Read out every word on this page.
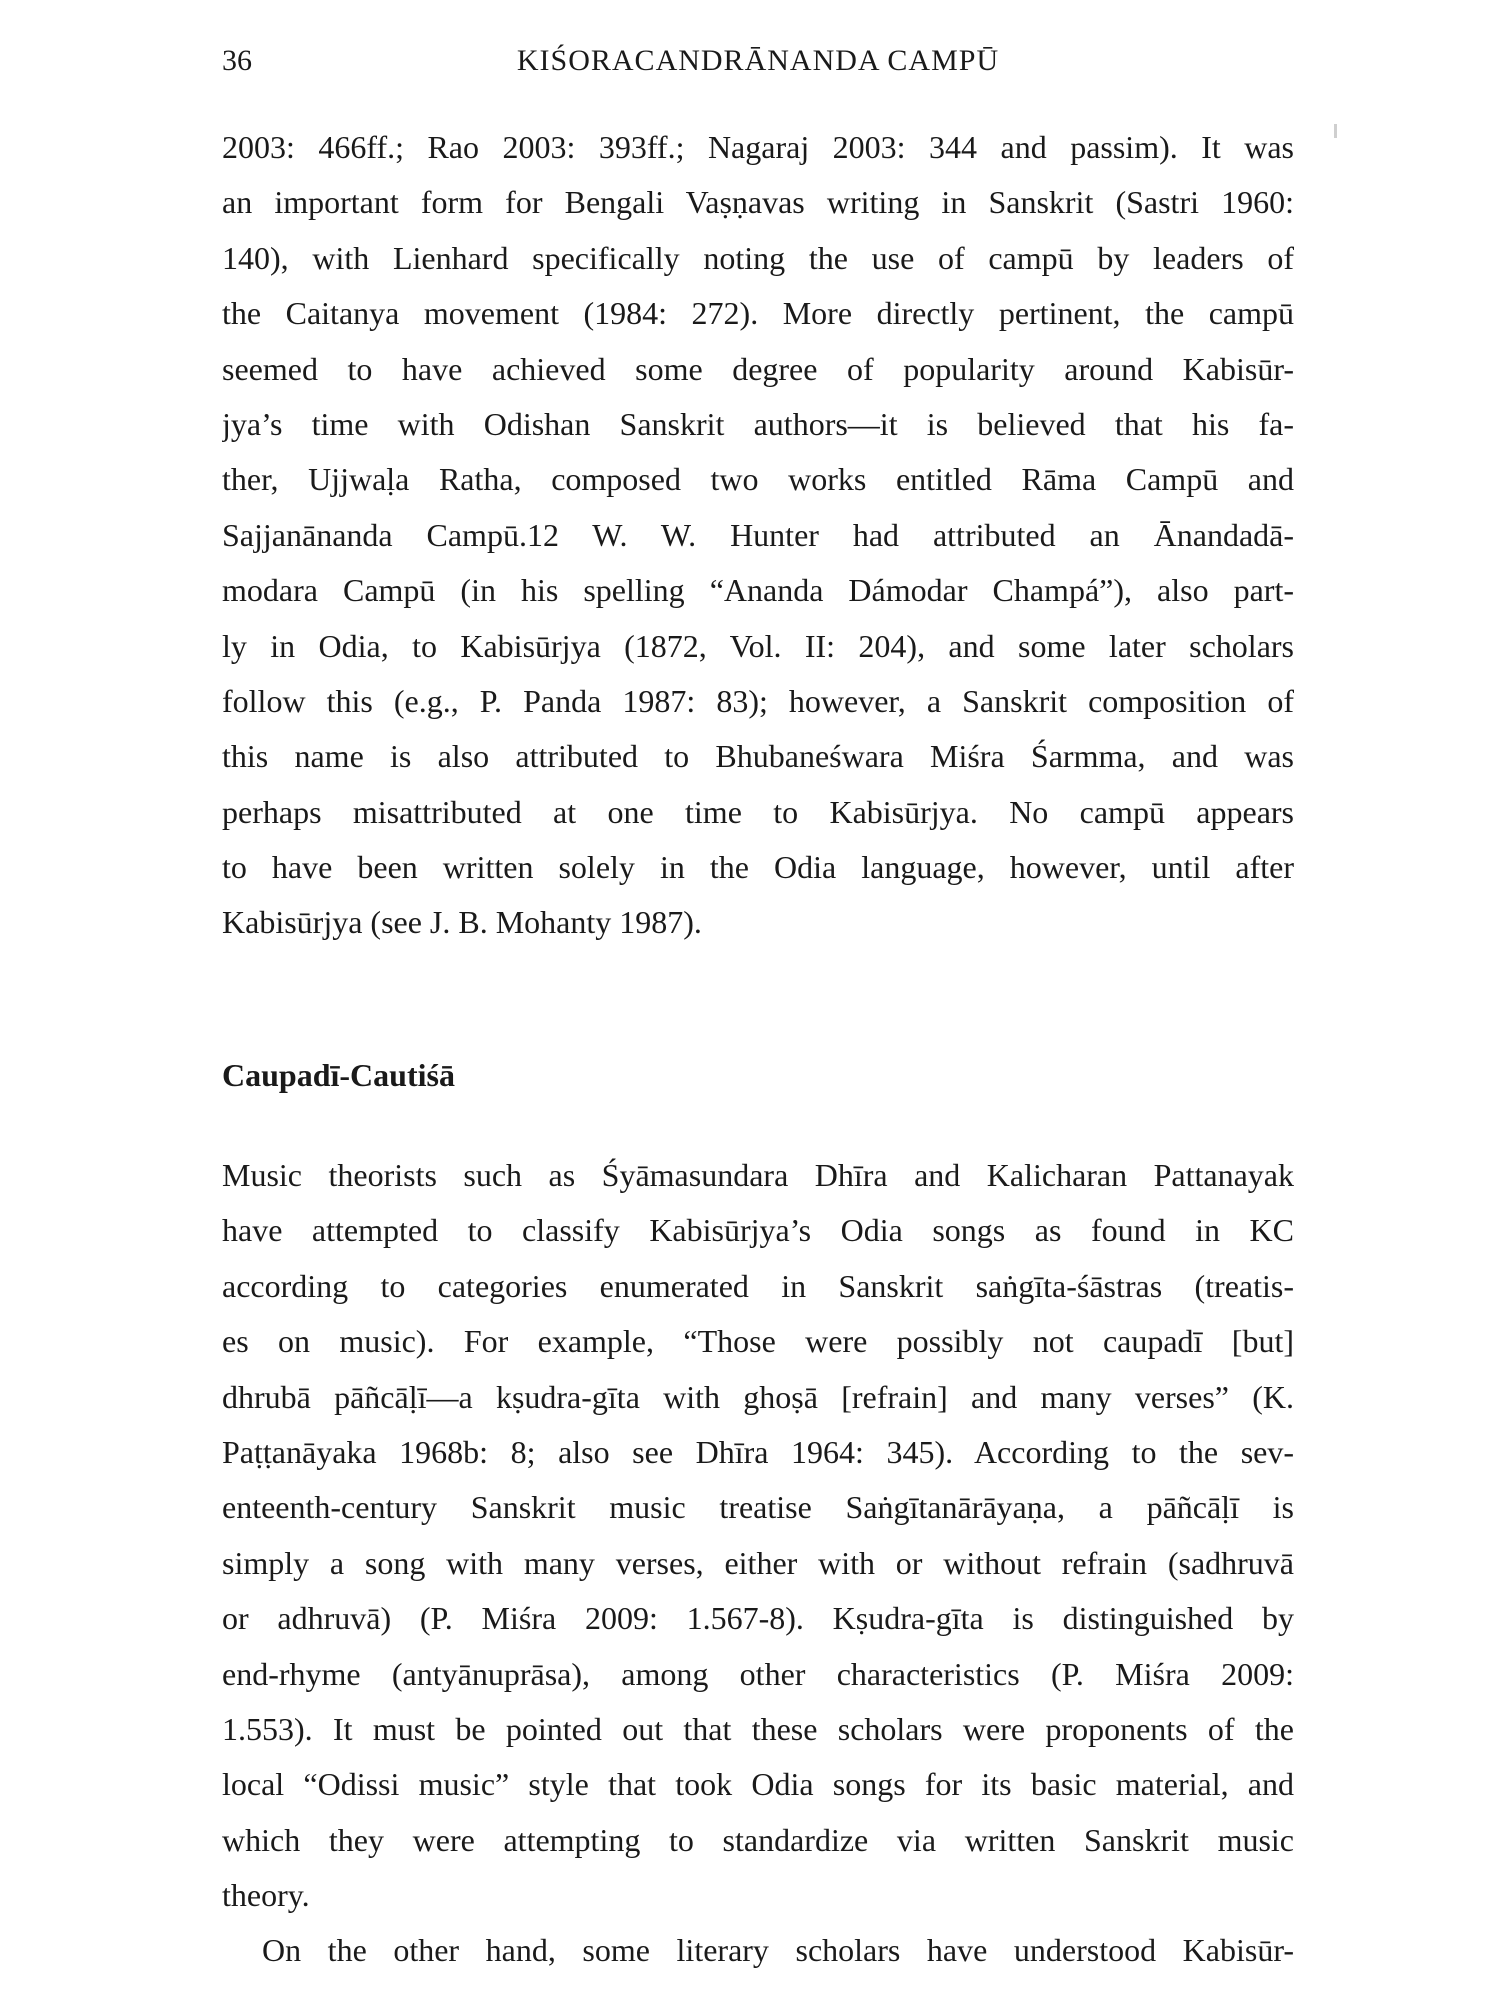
36	KIŚORACANDRĀNANDA CAMPŪ
2003: 466ff.; Rao 2003: 393ff.; Nagaraj 2003: 344 and passim). It was
an important form for Bengali Vaṣṇavas writing in Sanskrit (Sastri 1960:
140), with Lienhard specifically noting the use of campū by leaders of
the Caitanya movement (1984: 272). More directly pertinent, the campū
seemed to have achieved some degree of popularity around Kabisūr-
jya’s time with Odishan Sanskrit authors—it is believed that his fa-
ther, Ujjwaḷa Ratha, composed two works entitled Rāma Campū and
Sajjanānanda Campū.12 W. W. Hunter had attributed an Ānandadā-
modara Campū (in his spelling “Ananda Dámodar Champá”), also part-
ly in Odia, to Kabisūrjya (1872, Vol. II: 204), and some later scholars
follow this (e.g., P. Panda 1987: 83); however, a Sanskrit composition of
this name is also attributed to Bhubaneśwara Miśra Śarmma, and was
perhaps misattributed at one time to Kabisūrjya. No campū appears
to have been written solely in the Odia language, however, until after
Kabisūrjya (see J. B. Mohanty 1987).
Caupadī-Cautiśā
Music theorists such as Śyāmasundara Dhīra and Kalicharan Pattanayak
have attempted to classify Kabisūrjya’s Odia songs as found in KC
according to categories enumerated in Sanskrit saṅgīta-śāstras (treatis-
es on music). For example, “Those were possibly not caupadī [but]
dhrubā pāñcāḷī—a kṣudra-gīta with ghoṣā [refrain] and many verses” (K.
Paṭṭanāyaka 1968b: 8; also see Dhīra 1964: 345). According to the sev-
enteenth-century Sanskrit music treatise Saṅgītanārāyaṇa, a pāñcāḷī is
simply a song with many verses, either with or without refrain (sadhruvā
or adhruvā) (P. Miśra 2009: 1.567-8). Kṣudra-gīta is distinguished by
end-rhyme (antyānuprāsa), among other characteristics (P. Miśra 2009:
1.553). It must be pointed out that these scholars were proponents of the
local “Odissi music” style that took Odia songs for its basic material, and
which they were attempting to standardize via written Sanskrit music
theory.
On the other hand, some literary scholars have understood Kabisūr-
